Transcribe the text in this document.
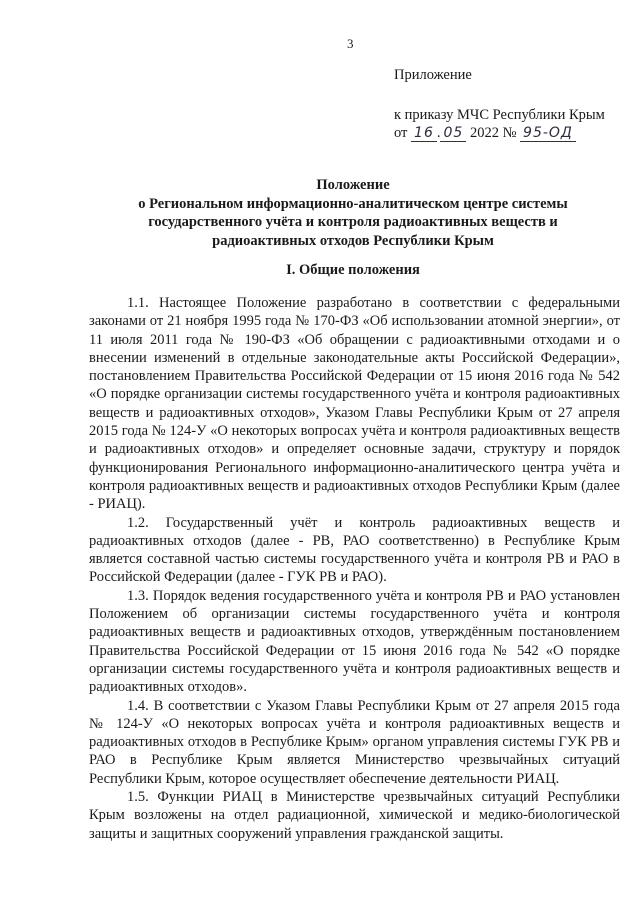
3
Приложение
к приказу МЧС Республики Крым
от 16 . 05 2022 № 95-ОД
Положение
о Региональном информационно-аналитическом центре системы
государственного учёта и контроля радиоактивных веществ и
радиоактивных отходов Республики Крым
I. Общие положения

1.1. Настоящее Положение разработано в соответствии с федеральными законами от 21 ноября 1995 года № 170-ФЗ «Об использовании атомной энергии», от 11 июля 2011 года № 190-ФЗ «Об обращении с радиоактивными отходами и о внесении изменений в отдельные законодательные акты Российской Федерации», постановлением Правительства Российской Федерации от 15 июня 2016 года № 542 «О порядке организации системы государственного учёта и контроля радиоактивных веществ и радиоактивных отходов», Указом Главы Республики Крым от 27 апреля 2015 года № 124-У «О некоторых вопросах учёта и контроля радиоактивных веществ и радиоактивных отходов» и определяет основные задачи, структуру и порядок функционирования Регионального информационно-аналитического центра учёта и контроля радиоактивных веществ и радиоактивных отходов Республики Крым (далее - РИАЦ).

1.2. Государственный учёт и контроль радиоактивных веществ и радиоактивных отходов (далее - РВ, РАО соответственно) в Республике Крым является составной частью системы государственного учёта и контроля РВ и РАО в Российской Федерации (далее - ГУК РВ и РАО).

1.3. Порядок ведения государственного учёта и контроля РВ и РАО установлен Положением об организации системы государственного учёта и контроля радиоактивных веществ и радиоактивных отходов, утверждённым постановлением Правительства Российской Федерации от 15 июня 2016 года № 542 «О порядке организации системы государственного учёта и контроля радиоактивных веществ и радиоактивных отходов».

1.4. В соответствии с Указом Главы Республики Крым от 27 апреля 2015 года № 124-У «О некоторых вопросах учёта и контроля радиоактивных веществ и радиоактивных отходов в Республике Крым» органом управления системы ГУК РВ и РАО в Республике Крым является Министерство чрезвычайных ситуаций Республики Крым, которое осуществляет обеспечение деятельности РИАЦ.

1.5. Функции РИАЦ в Министерстве чрезвычайных ситуаций Республики Крым возложены на отдел радиационной, химической и медико-биологической защиты и защитных сооружений управления гражданской защиты.
